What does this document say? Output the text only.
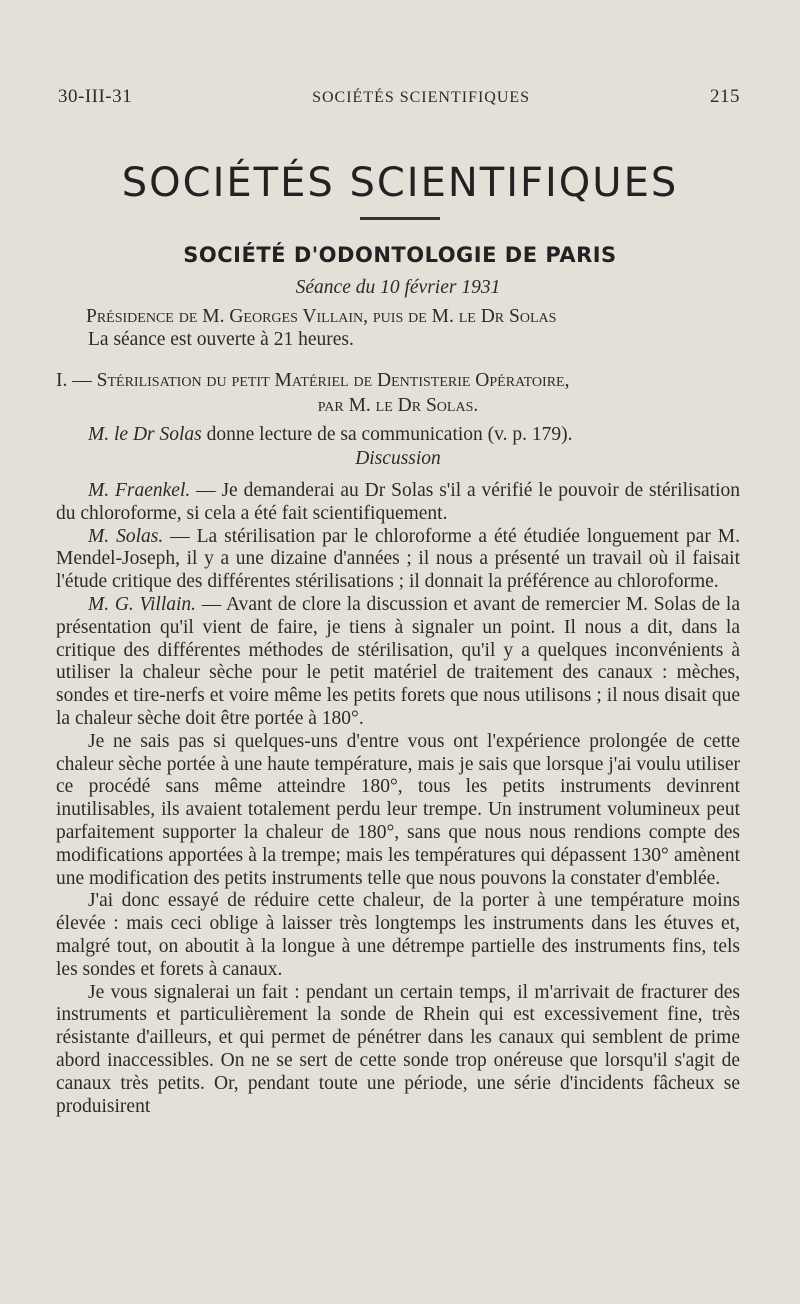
30-III-31	SOCIÉTÉS SCIENTIFIQUES	215
SOCIÉTÉS SCIENTIFIQUES
SOCIÉTÉ D'ODONTOLOGIE DE PARIS

Séance du 10 février 1931

Présidence de M. Georges Villain, puis de M. le Dr Solas

La séance est ouverte à 21 heures.

I. — Stérilisation du petit Matériel de Dentisterie Opératoire,

par M. le Dr Solas.

M. le Dr Solas donne lecture de sa communication (v. p. 179).

Discussion

M. Fraenkel. — Je demanderai au Dr Solas s'il a vérifié le pouvoir de stérilisation du chloroforme, si cela a été fait scientifiquement.

M. Solas. — La stérilisation par le chloroforme a été étudiée longuement par M. Mendel-Joseph, il y a une dizaine d'années ; il nous a présenté un travail où il faisait l'étude critique des différentes stérilisations ; il donnait la préférence au chloroforme.

M. G. Villain. — Avant de clore la discussion et avant de remercier M. Solas de la présentation qu'il vient de faire, je tiens à signaler un point. Il nous a dit, dans la critique des différentes méthodes de stérilisation, qu'il y a quelques inconvénients à utiliser la chaleur sèche pour le petit matériel de traitement des canaux : mèches, sondes et tire-nerfs et voire même les petits forets que nous utilisons ; il nous disait que la chaleur sèche doit être portée à 180°.

Je ne sais pas si quelques-uns d'entre vous ont l'expérience prolongée de cette chaleur sèche portée à une haute température, mais je sais que lorsque j'ai voulu utiliser ce procédé sans même atteindre 180°, tous les petits instruments devinrent inutilisables, ils avaient totalement perdu leur trempe. Un instrument volumineux peut parfaitement supporter la chaleur de 180°, sans que nous nous rendions compte des modifications apportées à la trempe; mais les températures qui dépassent 130° amènent une modification des petits instruments telle que nous pouvons la constater d'emblée.

J'ai donc essayé de réduire cette chaleur, de la porter à une température moins élevée : mais ceci oblige à laisser très longtemps les instruments dans les étuves et, malgré tout, on aboutit à la longue à une détrempe partielle des instruments fins, tels les sondes et forets à canaux.

Je vous signalerai un fait : pendant un certain temps, il m'arrivait de fracturer des instruments et particulièrement la sonde de Rhein qui est excessivement fine, très résistante d'ailleurs, et qui permet de pénétrer dans les canaux qui semblent de prime abord inaccessibles. On ne se sert de cette sonde trop onéreuse que lorsqu'il s'agit de canaux très petits. Or, pendant toute une période, une série d'incidents fâcheux se produisirent
